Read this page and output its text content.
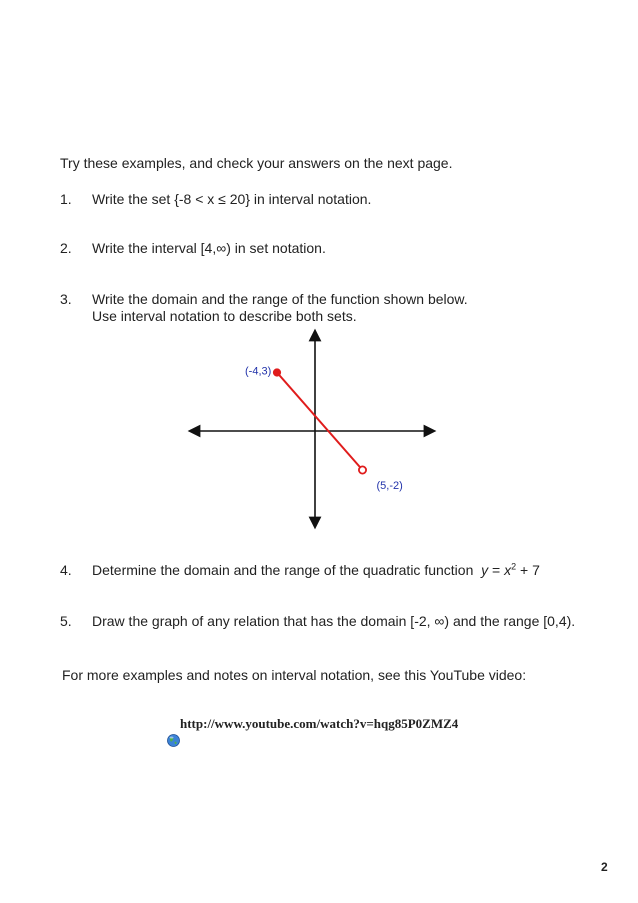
Try these examples, and check your answers on the next page.
1. Write the set {-8 < x ≤ 20} in interval notation.
2. Write the interval [4,∞) in set notation.
3. Write the domain and the range of the function shown below.
Use interval notation to describe both sets.
(-4,3)
(5,-2)
4. Determine the domain and the range of the quadratic function $y = x^2 + 7$
5. Draw the graph of any relation that has the domain [-2, ∞) and the range [0,4).
For more examples and notes on interval notation, see this YouTube video:
http://www.youtube.com/watch?v=hqg85P0ZMZ4
2
